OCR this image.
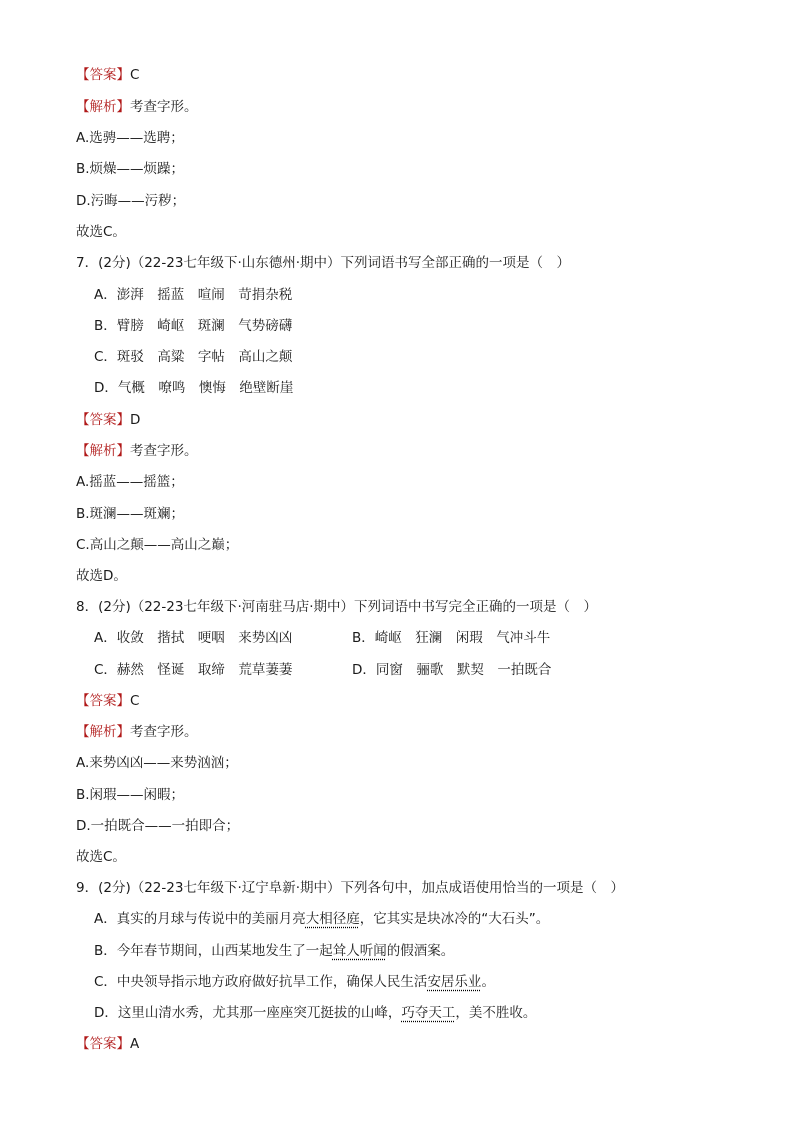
【答案】C
【解析】考查字形。
A.选骋——选聘；
B.烦燥——烦躁；
D.污晦——污秽；
故选C。
7．(2分)（22-23七年级下·山东德州·期中）下列词语书写全部正确的一项是（　）
A．澎湃　摇蓝　喧闹　苛捐杂税
B．臂膀　崎岖　斑澜　气势磅礴
C．斑驳　高粱　字帖　高山之颠
D．气概　嘹鸣　懊悔　绝壁断崖
【答案】D
【解析】考查字形。
A.摇蓝——摇篮；
B.斑澜——斑斓；
C.高山之颠——高山之巅；
故选D。
8．(2分)（22-23七年级下·河南驻马店·期中）下列词语中书写完全正确的一项是（　）
A．收敛　揩拭　哽咽　来势凶凶	B．崎岖　狂澜　闲瑕　气冲斗牛
C．赫然　怪诞　取缔　荒草萋萋	D．同窗　骊歌　默契　一拍既合
【答案】C
【解析】考查字形。
A.来势凶凶——来势汹汹；
B.闲瑕——闲暇；
D.一拍既合——一拍即合；
故选C。
9．(2分)（22-23七年级下·辽宁阜新·期中）下列各句中，加点成语使用恰当的一项是（　）
A．真实的月球与传说中的美丽月亮大相径庭，它其实是块冰冷的“大石头”。
B．今年春节期间，山西某地发生了一起耸人听闻的假酒案。
C．中央领导指示地方政府做好抗旱工作，确保人民生活安居乐业。
D．这里山清水秀，尤其那一座座突兀挺拔的山峰，巧夺天工，美不胜收。
【答案】A
